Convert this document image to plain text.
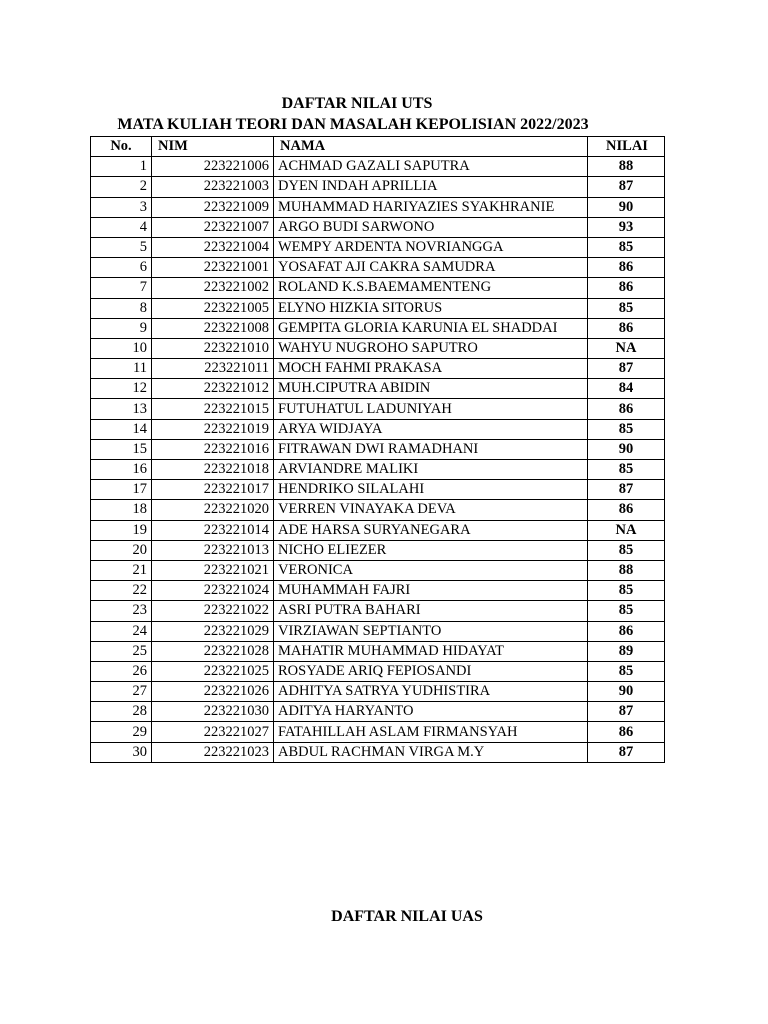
DAFTAR NILAI UTS
MATA KULIAH TEORI DAN MASALAH KEPOLISIAN 2022/2023
No.	NIM	NAMA	NILAI
1	223221006	ACHMAD GAZALI SAPUTRA	88
2	223221003	DYEN INDAH APRILLIA	87
3	223221009	MUHAMMAD HARIYAZIES SYAKHRANIE	90
4	223221007	ARGO BUDI SARWONO	93
5	223221004	WEMPY ARDENTA NOVRIANGGA	85
6	223221001	YOSAFAT AJI CAKRA SAMUDRA	86
7	223221002	ROLAND K.S.BAEMAMENTENG	86
8	223221005	ELYNO HIZKIA SITORUS	85
9	223221008	GEMPITA GLORIA KARUNIA EL SHADDAI	86
10	223221010	WAHYU NUGROHO SAPUTRO	NA
11	223221011	MOCH FAHMI PRAKASA	87
12	223221012	MUH.CIPUTRA ABIDIN	84
13	223221015	FUTUHATUL LADUNIYAH	86
14	223221019	ARYA WIDJAYA	85
15	223221016	FITRAWAN DWI RAMADHANI	90
16	223221018	ARVIANDRE MALIKI	85
17	223221017	HENDRIKO SILALAHI	87
18	223221020	VERREN VINAYAKA DEVA	86
19	223221014	ADE HARSA SURYANEGARA	NA
20	223221013	NICHO ELIEZER	85
21	223221021	VERONICA	88
22	223221024	MUHAMMAH FAJRI	85
23	223221022	ASRI PUTRA BAHARI	85
24	223221029	VIRZIAWAN SEPTIANTO	86
25	223221028	MAHATIR MUHAMMAD HIDAYAT	89
26	223221025	ROSYADE ARIQ FEPIOSANDI	85
27	223221026	ADHITYA SATRYA YUDHISTIRA	90
28	223221030	ADITYA HARYANTO	87
29	223221027	FATAHILLAH ASLAM FIRMANSYAH	86
30	223221023	ABDUL RACHMAN VIRGA M.Y	87
DAFTAR NILAI UAS
